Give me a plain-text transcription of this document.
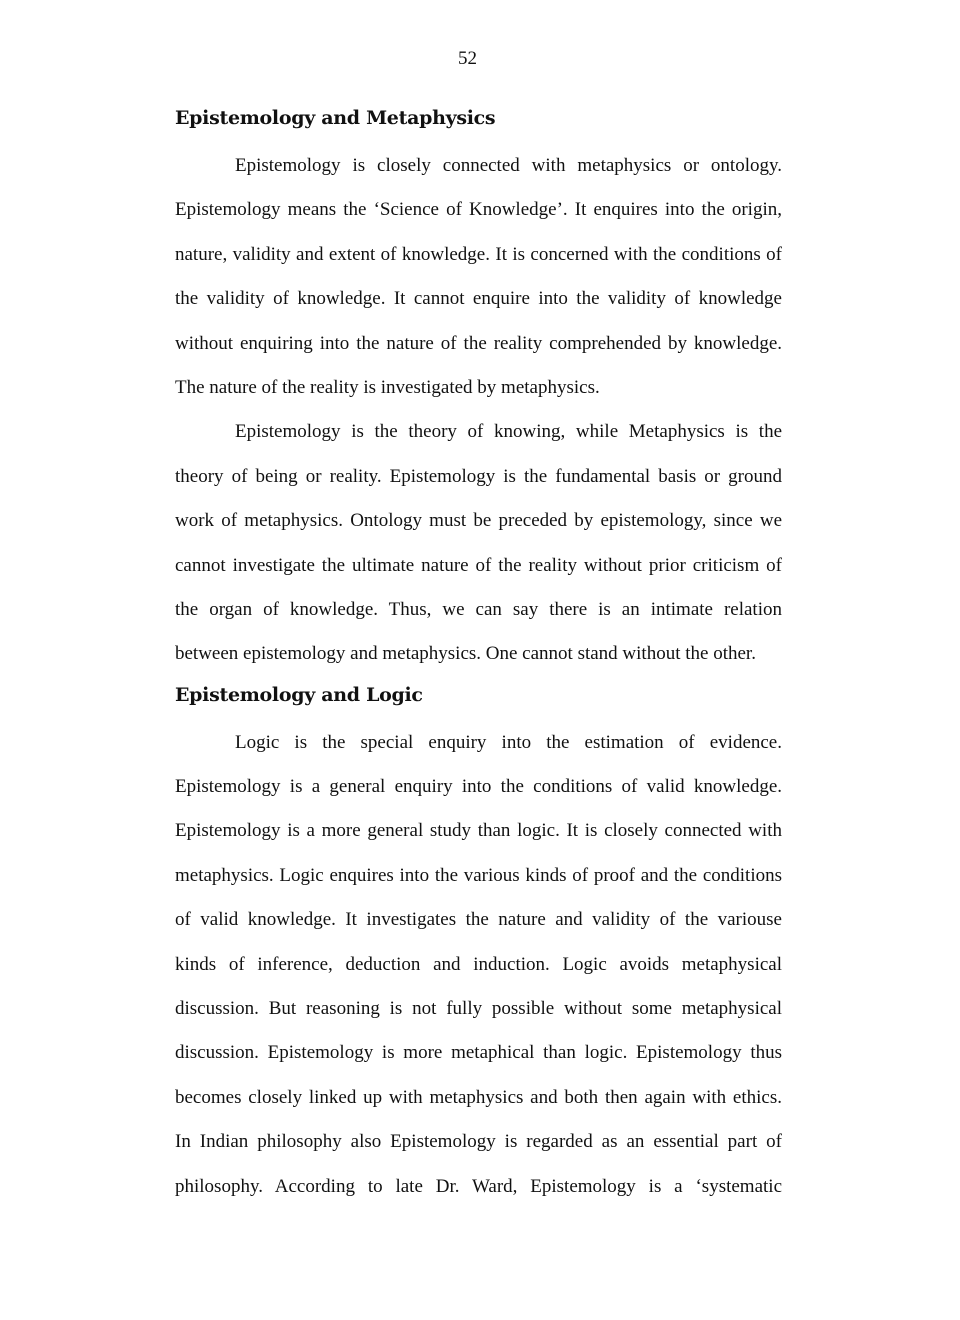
52
Epistemology and Metaphysics
Epistemology is closely connected with metaphysics or ontology.
Epistemology means the ‘Science of Knowledge’. It enquires into the origin,
nature, validity and extent of knowledge. It is concerned with the conditions of
the validity of knowledge. It cannot enquire into the validity of knowledge
without enquiring into the nature of the reality comprehended by knowledge.
The nature of the reality is investigated by metaphysics.
Epistemology is the theory of knowing, while Metaphysics is the
theory of being or reality. Epistemology is the fundamental basis or ground
work of metaphysics. Ontology must be preceded by epistemology, since we
cannot investigate the ultimate nature of the reality without prior criticism of
the organ of knowledge. Thus, we can say there is an intimate relation
between epistemology and metaphysics. One cannot stand without the other.
Epistemology and Logic
Logic is the special enquiry into the estimation of evidence.
Epistemology is a general enquiry into the conditions of valid knowledge.
Epistemology is a more general study than logic. It is closely connected with
metaphysics. Logic enquires into the various kinds of proof and the conditions
of valid knowledge. It investigates the nature and validity of the variouse
kinds of inference, deduction and induction. Logic avoids metaphysical
discussion. But reasoning is not fully possible without some metaphysical
discussion. Epistemology is more metaphical than logic. Epistemology thus
becomes closely linked up with metaphysics and both then again with ethics.
In Indian philosophy also Epistemology is regarded as an essential part of
philosophy. According to late Dr. Ward, Epistemology is a ‘systematic
